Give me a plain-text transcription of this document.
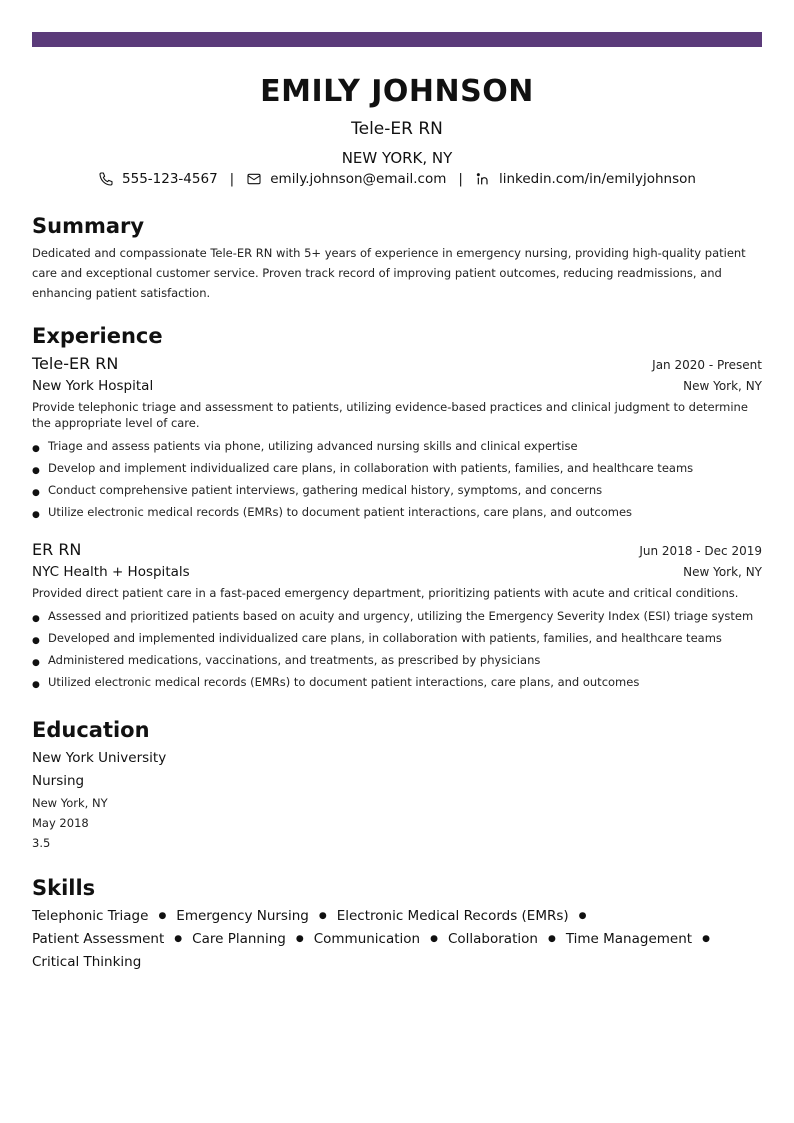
EMILY JOHNSON
Tele-ER RN
NEW YORK, NY
555-123-4567 |	emily.johnson@email.com |	linkedin.com/in/emilyjohnson
Summary

Dedicated and compassionate Tele-ER RN with 5+ years of experience in emergency nursing, providing high-quality patient care and exceptional customer service. Proven track record of improving patient outcomes, reducing readmissions, and enhancing patient satisfaction.

Experience
Tele-ER RN	Jan 2020 - Present
New York Hospital	New York, NY

Provide telephonic triage and assessment to patients, utilizing evidence-based practices and clinical judgment to determine the appropriate level of care.

● Triage and assess patients via phone, utilizing advanced nursing skills and clinical expertise
● Develop and implement individualized care plans, in collaboration with patients, families, and healthcare teams
● Conduct comprehensive patient interviews, gathering medical history, symptoms, and concerns
● Utilize electronic medical records (EMRs) to document patient interactions, care plans, and outcomes
ER RN	Jun 2018 - Dec 2019
NYC Health + Hospitals	New York, NY

Provided direct patient care in a fast-paced emergency department, prioritizing patients with acute and critical conditions.

● Assessed and prioritized patients based on acuity and urgency, utilizing the Emergency Severity Index (ESI) triage system
● Developed and implemented individualized care plans, in collaboration with patients, families, and healthcare teams
● Administered medications, vaccinations, and treatments, as prescribed by physicians
● Utilized electronic medical records (EMRs) to document patient interactions, care plans, and outcomes
Education
New York University
Nursing
New York, NY
May 2018
3.5
Skills
Telephonic Triage ● Emergency Nursing ● Electronic Medical Records (EMRs) ●
Patient Assessment ● Care Planning ● Communication ● Collaboration ● Time Management ●
Critical Thinking
